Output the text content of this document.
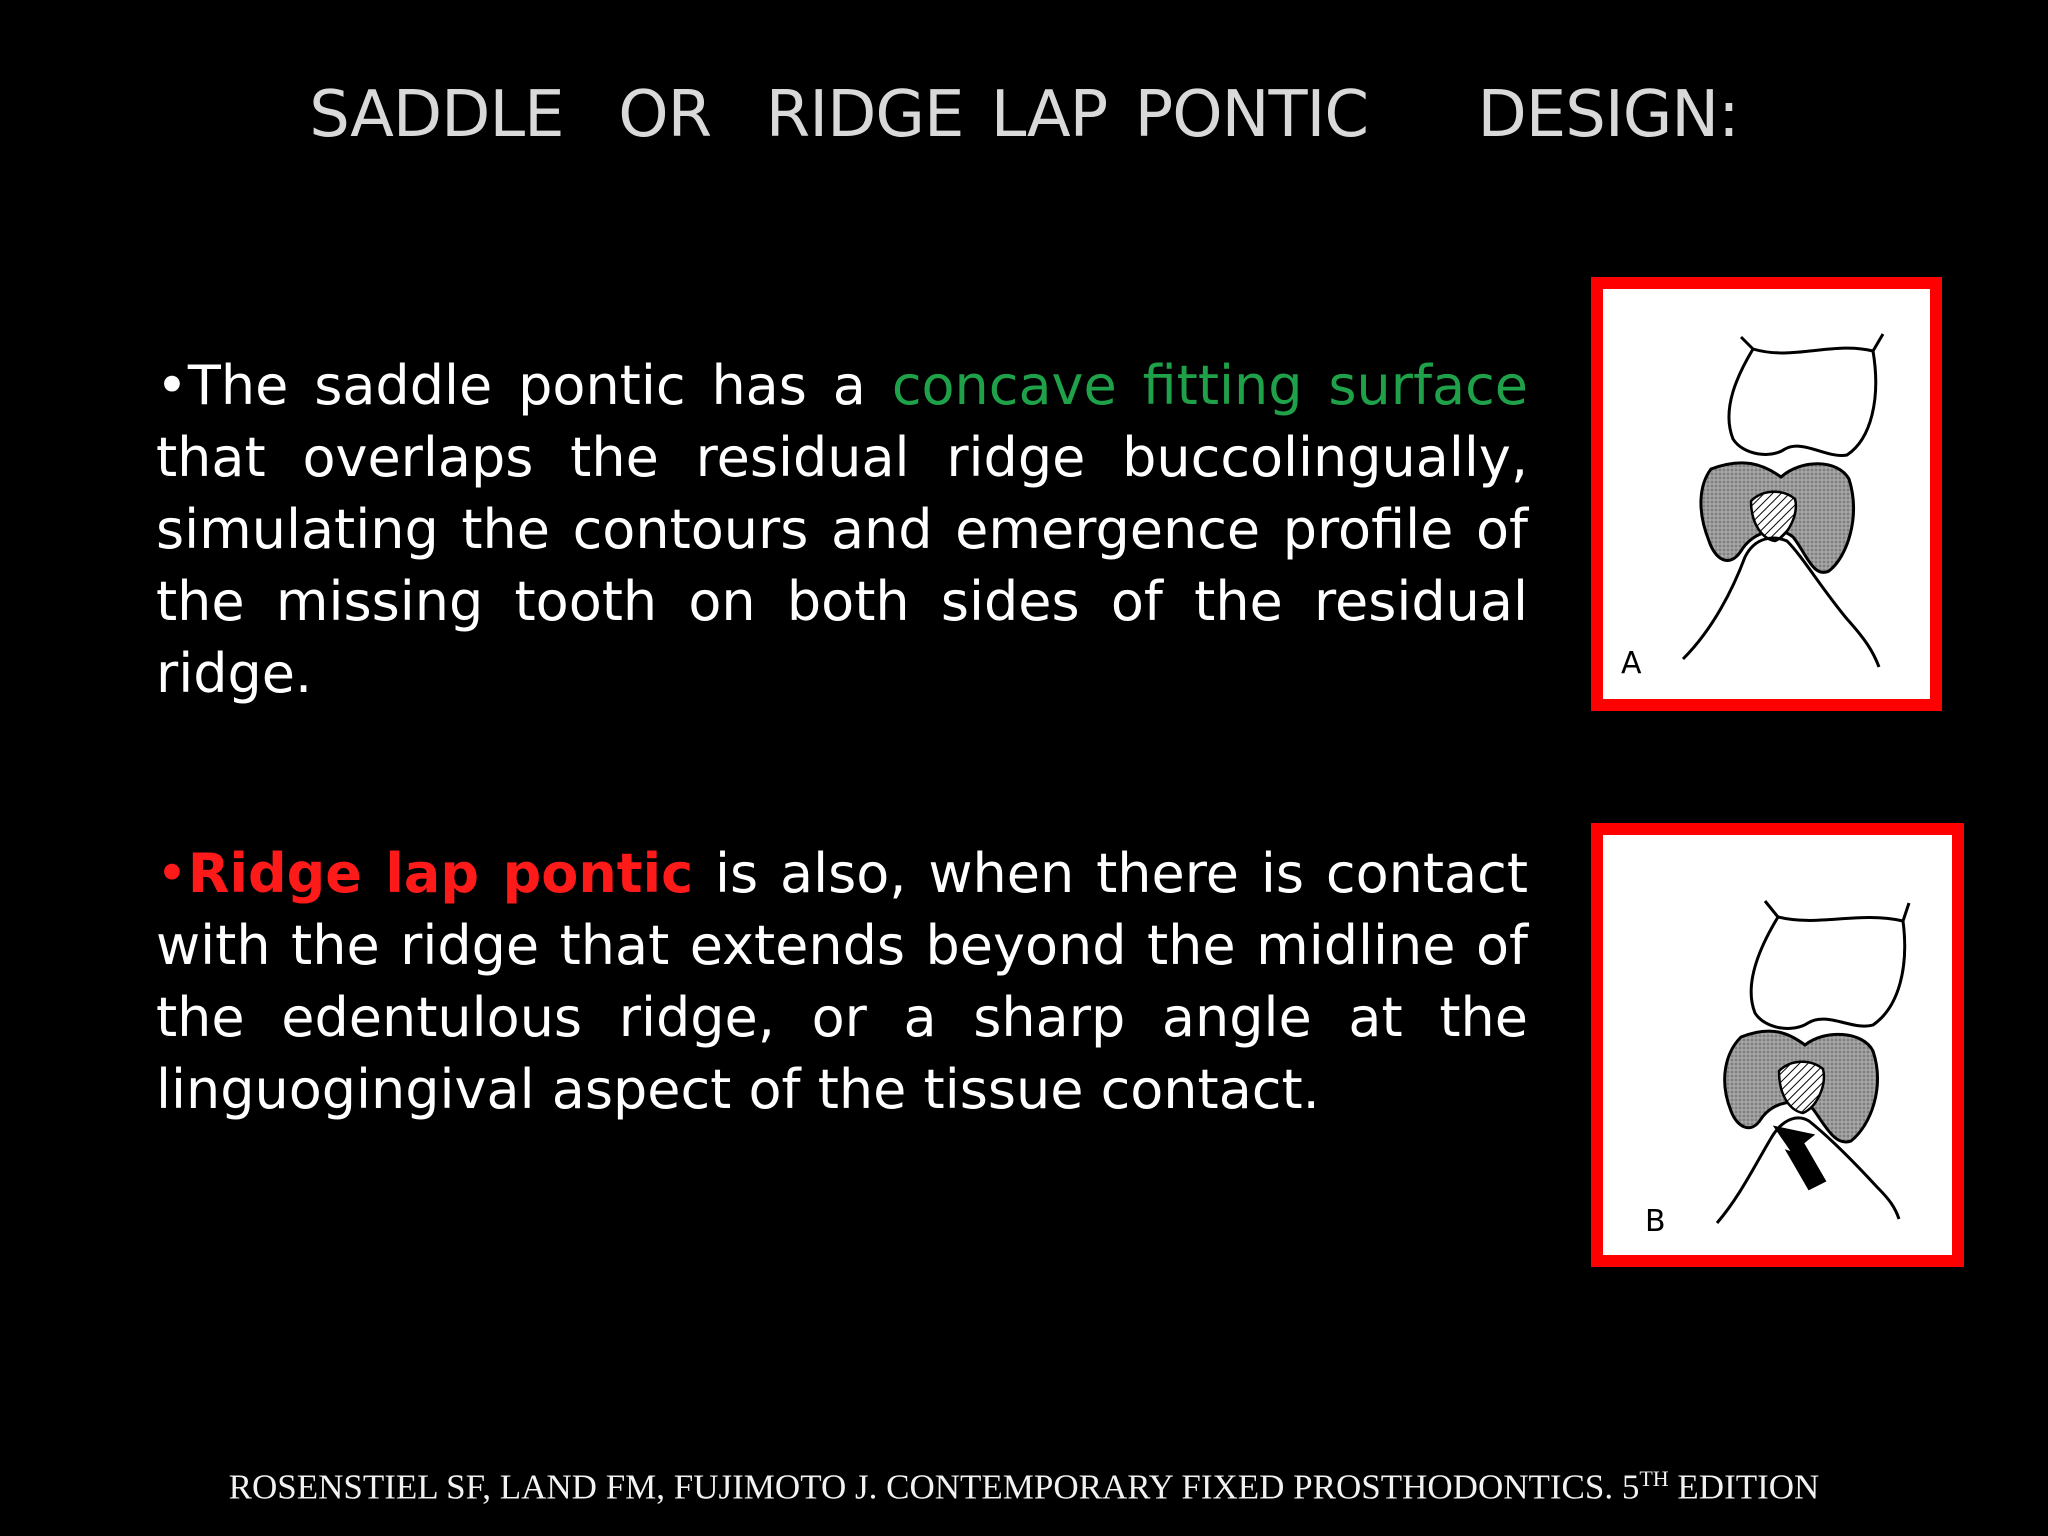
SADDLE  OR  RIDGE LAP PONTIC    DESIGN:
•The saddle pontic has a concave fitting surface that overlaps the residual ridge buccolingually, simulating the contours and emergence profile of the missing tooth on both sides of the residual ridge.
•Ridge lap pontic is also, when there is contact with the ridge that extends beyond the midline of the edentulous ridge, or a sharp angle at the linguogingival aspect of the tissue contact.
A
B
ROSENSTIEL SF, LAND FM, FUJIMOTO J. CONTEMPORARY FIXED PROSTHODONTICS. 5TH EDITION
